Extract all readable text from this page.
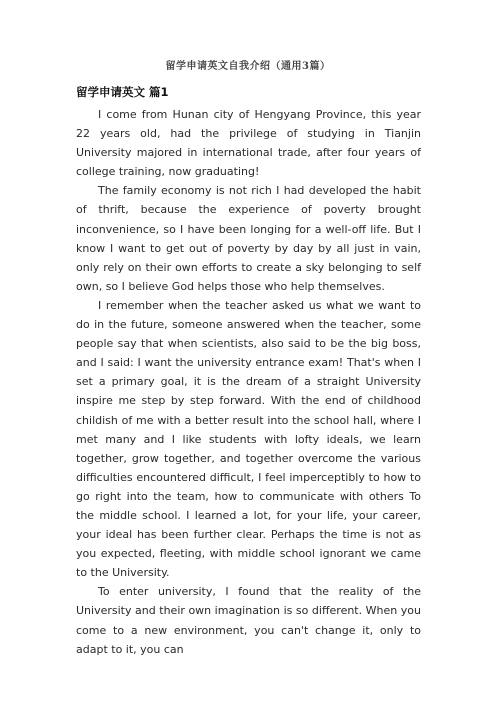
留学申请英文自我介绍（通用3篇）
留学申请英文 篇1

I come from Hunan city of Hengyang Province, this year 22 years old, had the privilege of studying in Tianjin University majored in international trade, after four years of college training, now graduating!

The family economy is not rich I had developed the habit of thrift, because the experience of poverty brought inconvenience, so I have been longing for a well-off life. But I know I want to get out of poverty by day by all just in vain, only rely on their own efforts to create a sky belonging to self own, so I believe God helps those who help themselves.

I remember when the teacher asked us what we want to do in the future, someone answered when the teacher, some people say that when scientists, also said to be the big boss, and I said: I want the university entrance exam! That's when I set a primary goal, it is the dream of a straight University inspire me step by step forward. With the end of childhood childish of me with a better result into the school hall, where I met many and I like students with lofty ideals, we learn together, grow together, and together overcome the various difficulties encountered difficult, I feel imperceptibly to how to go right into the team, how to communicate with others To the middle school. I learned a lot, for your life, your career, your ideal has been further clear. Perhaps the time is not as you expected, fleeting, with middle school ignorant we came to the University.

To enter university, I found that the reality of the University and their own imagination is so different. When you come to a new environment, you can't change it, only to adapt to it, you can
